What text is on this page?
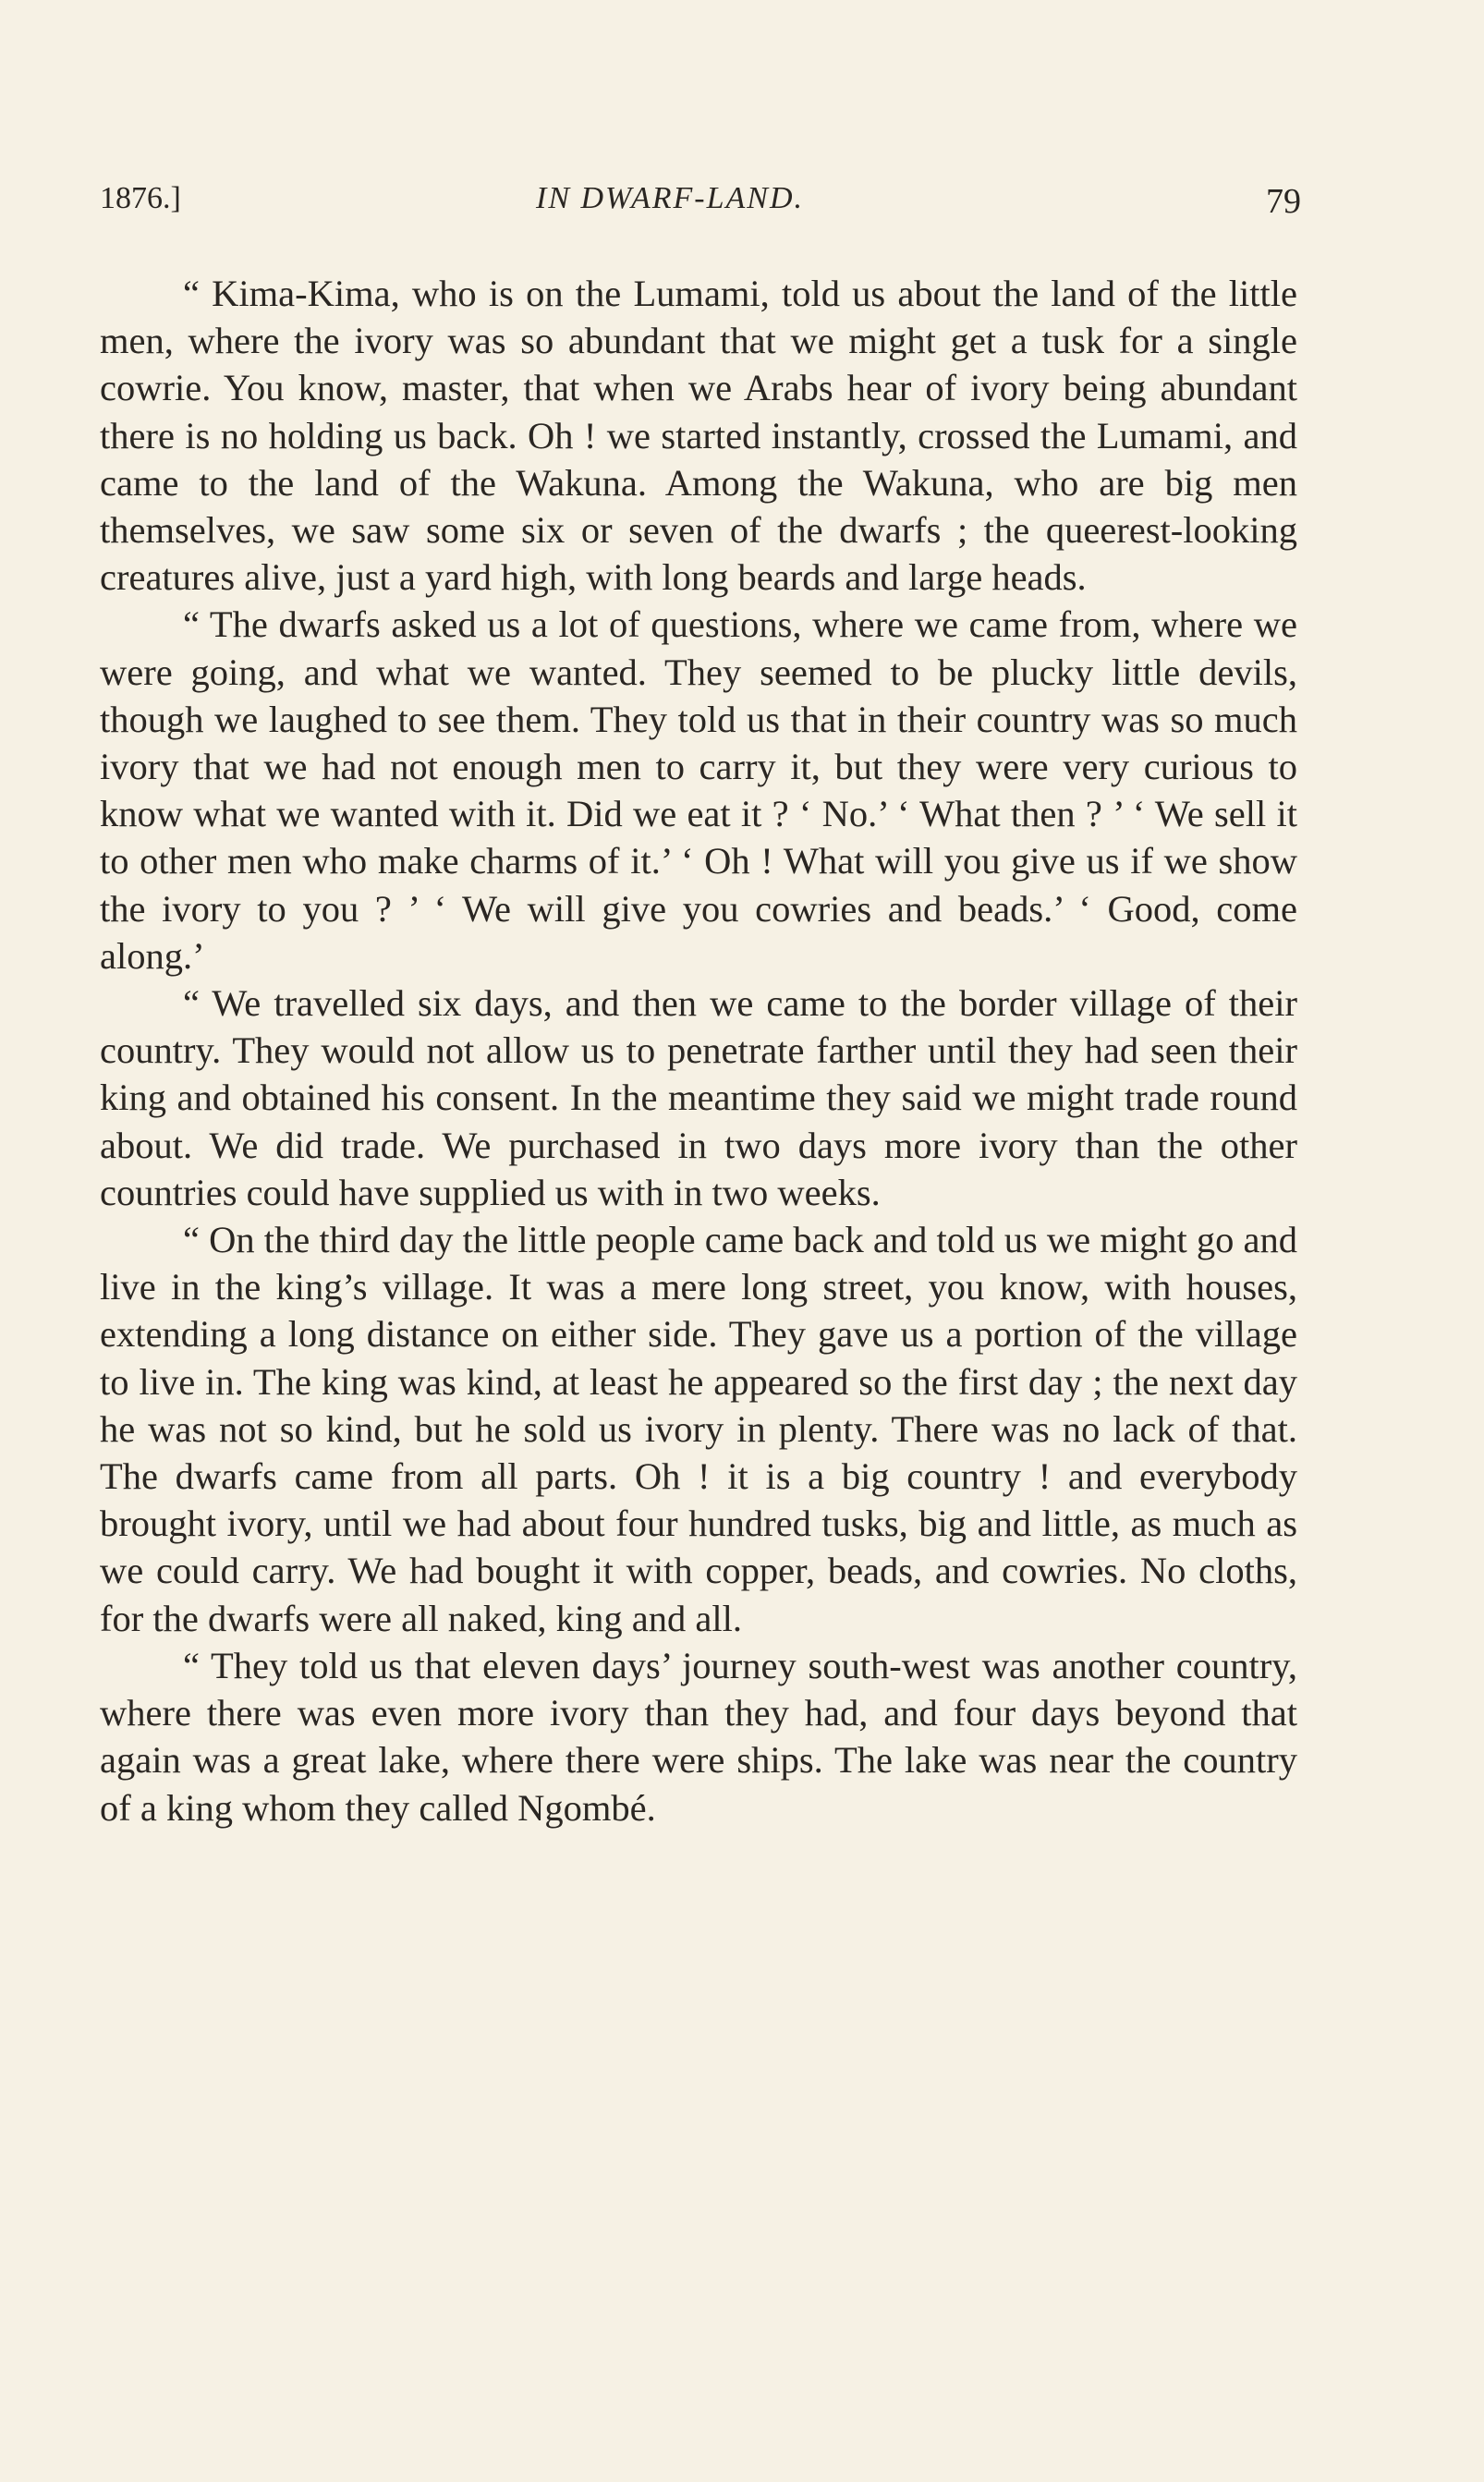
1876.]	IN DWARF-LAND.	79

“ Kima-Kima, who is on the Lumami, told us about the land of the little men, where the ivory was so abundant that we might get a tusk for a single cowrie. You know, master, that when we Arabs hear of ivory being abundant there is no holding us back. Oh ! we started instantly, crossed the Lumami, and came to the land of the Wakuna. Among the Wakuna, who are big men themselves, we saw some six or seven of the dwarfs ; the queerest-looking creatures alive, just a yard high, with long beards and large heads.

“ The dwarfs asked us a lot of questions, where we came from, where we were going, and what we wanted. They seemed to be plucky little devils, though we laughed to see them. They told us that in their country was so much ivory that we had not enough men to carry it, but they were very curious to know what we wanted with it. Did we eat it ? ‘ No.’ ‘ What then ? ’ ‘ We sell it to other men who make charms of it.’ ‘ Oh ! What will you give us if we show the ivory to you ? ’ ‘ We will give you cowries and beads.’ ‘ Good, come along.’

“ We travelled six days, and then we came to the border village of their country. They would not allow us to penetrate farther until they had seen their king and obtained his consent. In the meantime they said we might trade round about. We did trade. We purchased in two days more ivory than the other countries could have supplied us with in two weeks.

“ On the third day the little people came back and told us we might go and live in the king’s village. It was a mere long street, you know, with houses, extending a long distance on either side. They gave us a portion of the village to live in. The king was kind, at least he appeared so the first day ; the next day he was not so kind, but he sold us ivory in plenty. There was no lack of that. The dwarfs came from all parts. Oh ! it is a big country ! and everybody brought ivory, until we had about four hundred tusks, big and little, as much as we could carry. We had bought it with copper, beads, and cowries. No cloths, for the dwarfs were all naked, king and all.

“ They told us that eleven days’ journey south-west was another country, where there was even more ivory than they had, and four days beyond that again was a great lake, where there were ships. The lake was near the country of a king whom they called Ngombé.
